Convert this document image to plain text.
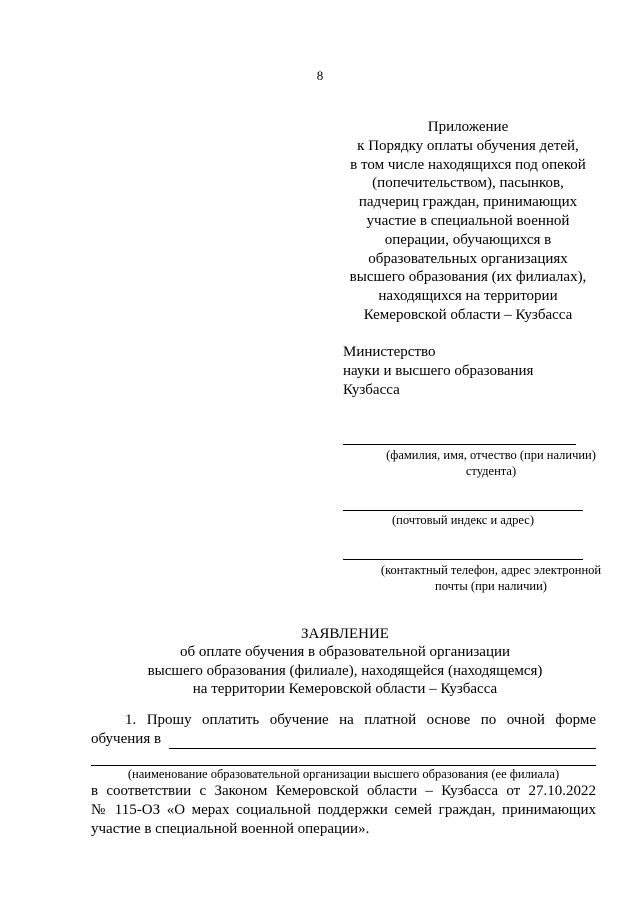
8
Приложение
к Порядку оплаты обучения детей,
в том числе находящихся под опекой
(попечительством), пасынков,
падчериц граждан, принимающих
участие в специальной военной
операции, обучающихся в
образовательных организациях
высшего образования (их филиалах),
находящихся на территории
Кемеровской области – Кузбасса
Министерство
науки и высшего образования
Кузбасса
(фамилия, имя, отчество (при наличии)
студента)
(почтовый индекс и адрес)
(контактный телефон, адрес электронной
почты (при наличии)
ЗАЯВЛЕНИЕ
об оплате обучения в образовательной организации
высшего образования (филиале), находящейся (находящемся)
на территории Кемеровской области – Кузбасса
1. Прошу оплатить обучение на платной основе по очной форме
обучения в
(наименование образовательной организации высшего образования (ее филиала)
в соответствии с Законом Кемеровской области – Кузбасса от 27.10.2022
№ 115-ОЗ «О мерах социальной поддержки семей граждан, принимающих
участие в специальной военной операции».
